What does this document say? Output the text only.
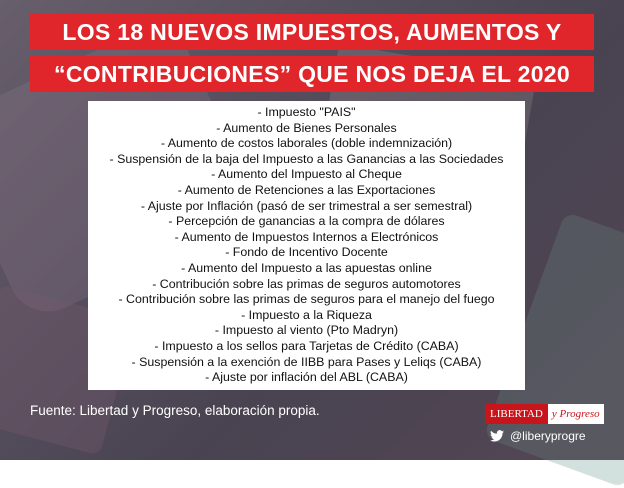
LOS 18 NUEVOS IMPUESTOS, AUMENTOS Y
“CONTRIBUCIONES” QUE NOS DEJA EL 2020
- Impuesto "PAIS"
- Aumento de Bienes Personales
- Aumento de costos laborales (doble indemnización)
- Suspensión de la baja del Impuesto a las Ganancias a las Sociedades
- Aumento del Impuesto al Cheque
- Aumento de Retenciones a las Exportaciones
- Ajuste por Inflación (pasó de ser trimestral a ser semestral)
- Percepción de ganancias a la compra de dólares
- Aumento de Impuestos Internos a Electrónicos
- Fondo de Incentivo Docente
- Aumento del Impuesto a las apuestas online
- Contribución sobre las primas de seguros automotores
- Contribución sobre las primas de seguros para el manejo del fuego
- Impuesto a la Riqueza
- Impuesto al viento (Pto Madryn)
- Impuesto a los sellos para Tarjetas de Crédito (CABA)
- Suspensión a la exención de IIBB para Pases y Leliqs (CABA)
- Ajuste por inflación del ABL (CABA)
Fuente: Libertad y Progreso, elaboración propia.	LIBERTAD y Progreso
@liberyprogre
